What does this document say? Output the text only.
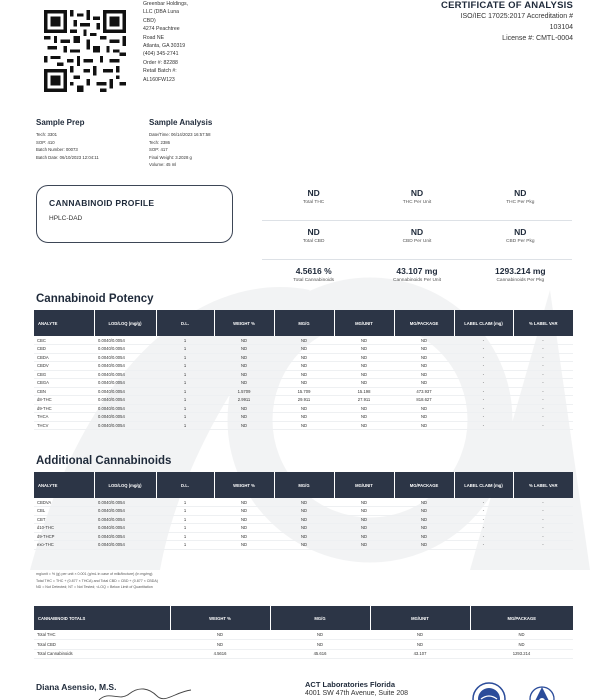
Greenbar Holdings,
LLC (DBA Luna
CBD)
4274 Peachtree
Road NE
Atlanta, GA 30319
(404) 345-2741
Order #: 82288
Retail Batch #:
AL160FW123
CERTIFICATE OF ANALYSIS
ISO/IEC 17025:2017 Accreditation #
103104
License #: CMTL-0004
Sample Prep
Tech: 3301
SOP: 410
Batch Number: 00073
Batch Date: 06/10/2023 12:04:11
Sample Analysis
Date/Time: 06/14/2023 16:57:58
Tech: 2386
SOP: 417
Final Weight: 3.2028 g
Volume: 45 ml
CANNABINOID PROFILE
HPLC-DAD
ND
Total THC
ND
THC Per Unit
ND
THC Per Pkg
ND
Total CBD
ND
CBD Per Unit
ND
CBD Per Pkg
4.5616 %
Total Cannabinoids
43.107 mg
Cannabinoids Per Unit
1293.214 mg
Cannabinoids Per Pkg
Cannabinoid Potency
ANALYTE	LOD/LOQ (mg/g)	D.L.	WEIGHT %	MG/G	MG/UNIT	MG/PACKAGE	LABEL CLAIM (mg)	% LABEL VAR
CBC	0.0040/0.0054	1	ND	ND	ND	ND	-	-
CBD	0.0040/0.0054	1	ND	ND	ND	ND	-	-
CBDA	0.0040/0.0054	1	ND	ND	ND	ND	-	-
CBDV	0.0040/0.0054	1	ND	ND	ND	ND	-	-
CBG	0.0040/0.0054	1	ND	ND	ND	ND	-	-
CBGA	0.0040/0.0054	1	ND	ND	ND	ND	-	-
CBN	0.0040/0.0054	1	1.5709	15.709	15.198	473.937	-	-
d8-THC	0.0040/0.0054	1	2.9911	29.911	27.911	818.627	-	-
d9-THC	0.0040/0.0054	1	ND	ND	ND	ND	-	-
THCA	0.0040/0.0054	1	ND	ND	ND	ND	-	-
THCV	0.0040/0.0054	1	ND	ND	ND	ND	-	-
Additional Cannabinoids
ANALYTE	LOD/LOQ (mg/g)	D.L.	WEIGHT %	MG/G	MG/UNIT	MG/PACKAGE	LABEL CLAIM (mg)	% LABEL VAR
CBDVA	0.0040/0.0054	1	ND	ND	ND	ND	-	-
CBL	0.0040/0.0054	1	ND	ND	ND	ND	-	-
CBT	0.0040/0.0054	1	ND	ND	ND	ND	-	-
d10-THC	0.0040/0.0054	1	ND	ND	ND	ND	-	-
d9-THCP	0.0040/0.0054	1	ND	ND	ND	ND	-	-
exo-THC	0.0040/0.0054	1	ND	ND	ND	ND	-	-
mg/unit = % (g) per unit × 0.001 (g/mL in case of milk/tincture) (in mg/mg)
Total THC = THC + (0.877 × THCA) and Total CBD = CBD + (0.877 × CBDA)
ND = Not Detected; NT = Not Tested; <LOQ = Below Limit of Quantitation
CANNABINOID TOTALS	WEIGHT %	MG/G	MG/UNIT	MG/PACKAGE
Total THC	ND	ND	ND	ND
Total CBD	ND	ND	ND	ND
Total Cannabinoids	4.5616	45.616	43.107	1293.214
Diana Asensio, M.S.	ACT Laboratories Florida
4001 SW 47th Avenue, Suite 208
